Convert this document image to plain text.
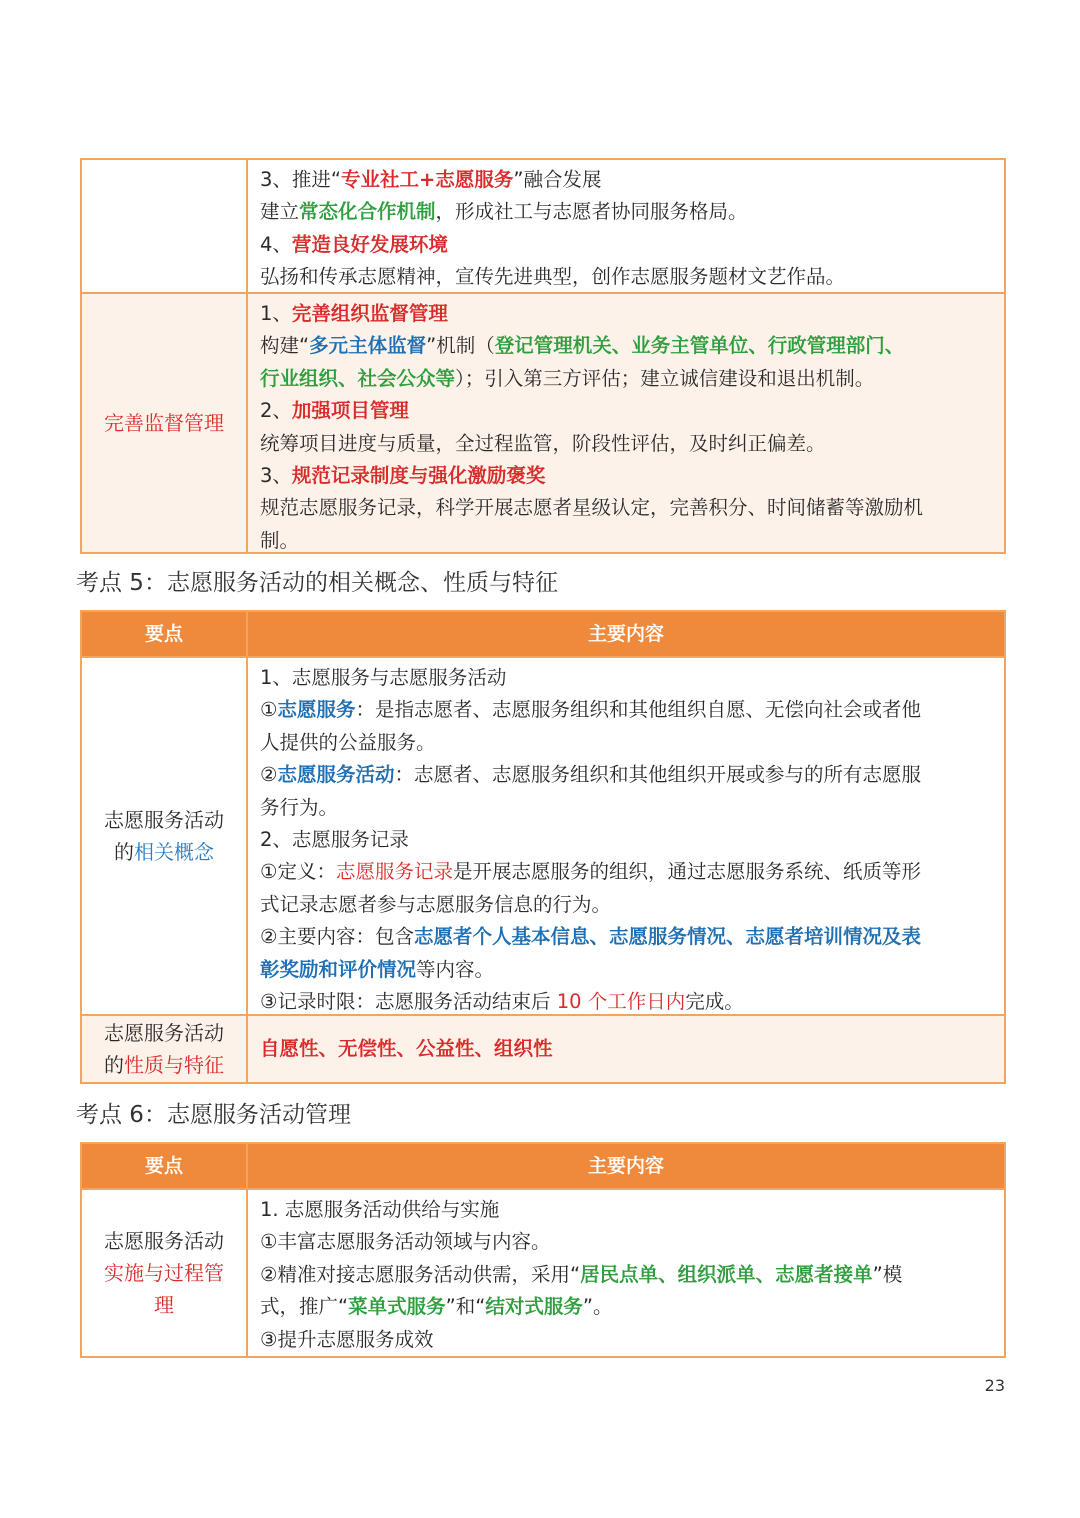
3、推进“专业社工+志愿服务”融合发展
建立常态化合作机制，形成社工与志愿者协同服务格局。
4、营造良好发展环境
弘扬和传承志愿精神，宣传先进典型，创作志愿服务题材文艺作品。
完善监督管理
1、完善组织监督管理
构建“多元主体监督”机制（登记管理机关、业务主管单位、行政管理部门、
行业组织、社会公众等）；引入第三方评估；建立诚信建设和退出机制。
2、加强项目管理
统筹项目进度与质量，全过程监管，阶段性评估，及时纠正偏差。
3、规范记录制度与强化激励褒奖
规范志愿服务记录，科学开展志愿者星级认定，完善积分、时间储蓄等激励机
制。
考点 5：志愿服务活动的相关概念、性质与特征
要点	主要内容
志愿服务活动
的相关概念
1、志愿服务与志愿服务活动
①志愿服务：是指志愿者、志愿服务组织和其他组织自愿、无偿向社会或者他
人提供的公益服务。
②志愿服务活动：志愿者、志愿服务组织和其他组织开展或参与的所有志愿服
务行为。
2、志愿服务记录
①定义：志愿服务记录是开展志愿服务的组织，通过志愿服务系统、纸质等形
式记录志愿者参与志愿服务信息的行为。
②主要内容：包含志愿者个人基本信息、志愿服务情况、志愿者培训情况及表
彰奖励和评价情况等内容。
③记录时限：志愿服务活动结束后 10 个工作日内完成。
志愿服务活动
的性质与特征
自愿性、无偿性、公益性、组织性
考点 6：志愿服务活动管理
要点	主要内容
志愿服务活动
实施与过程管
理
1. 志愿服务活动供给与实施
①丰富志愿服务活动领域与内容。
②精准对接志愿服务活动供需，采用“居民点单、组织派单、志愿者接单”模
式，推广“菜单式服务”和“结对式服务”。
③提升志愿服务成效
23
